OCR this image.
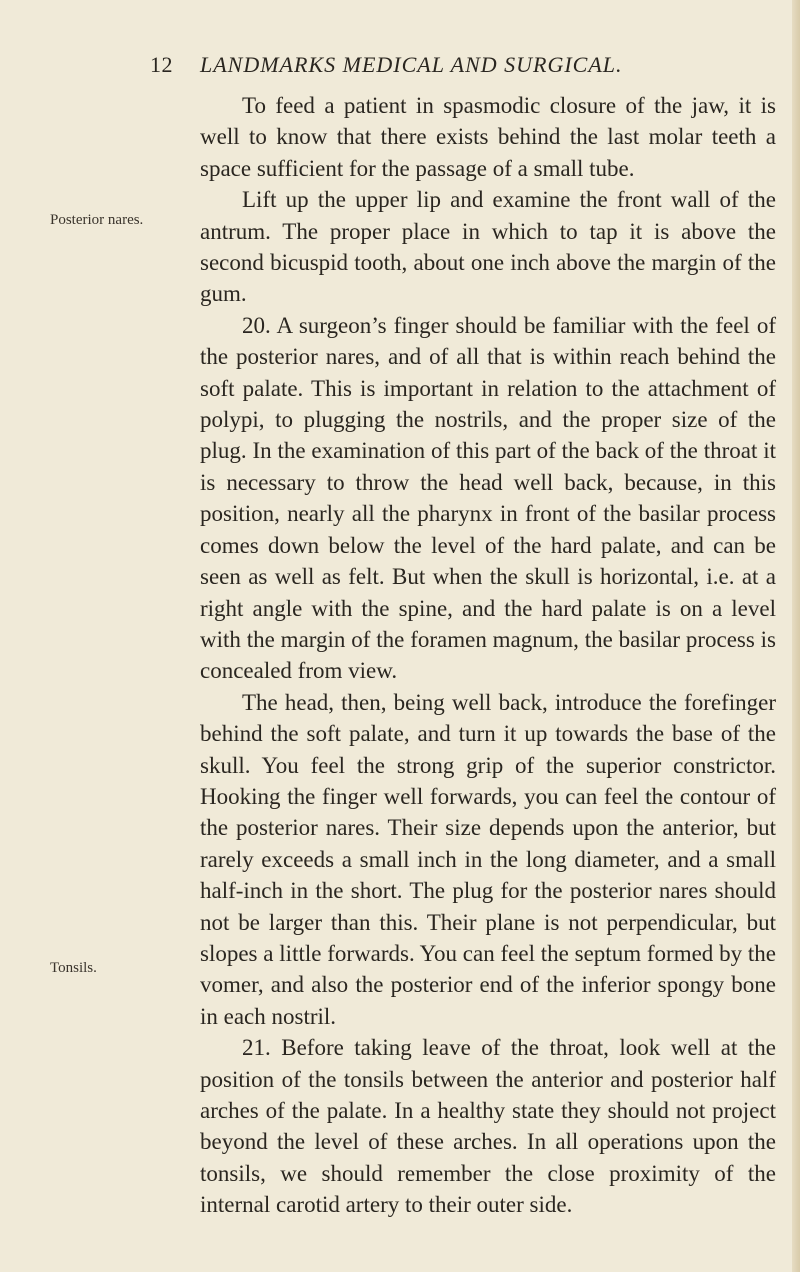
12 LANDMARKS MEDICAL AND SURGICAL.
Posterior nares.
Tonsils.

To feed a patient in spasmodic closure of the jaw, it is well to know that there exists behind the last molar teeth a space sufficient for the passage of a small tube.

Lift up the upper lip and examine the front wall of the antrum. The proper place in which to tap it is above the second bicuspid tooth, about one inch above the margin of the gum.

20. A surgeon’s finger should be familiar with the feel of the posterior nares, and of all that is within reach behind the soft palate. This is important in relation to the attachment of polypi, to plugging the nostrils, and the proper size of the plug. In the examination of this part of the back of the throat it is necessary to throw the head well back, because, in this position, nearly all the pharynx in front of the basilar process comes down below the level of the hard palate, and can be seen as well as felt. But when the skull is horizontal, i.e. at a right angle with the spine, and the hard palate is on a level with the margin of the foramen magnum, the basilar process is concealed from view.

The head, then, being well back, introduce the forefinger behind the soft palate, and turn it up towards the base of the skull. You feel the strong grip of the superior constrictor. Hooking the finger well forwards, you can feel the contour of the posterior nares. Their size depends upon the anterior, but rarely exceeds a small inch in the long diameter, and a small half-inch in the short. The plug for the posterior nares should not be larger than this. Their plane is not perpendicular, but slopes a little forwards. You can feel the septum formed by the vomer, and also the posterior end of the inferior spongy bone in each nostril.

21. Before taking leave of the throat, look well at the position of the tonsils between the anterior and posterior half arches of the palate. In a healthy state they should not project beyond the level of these arches. In all operations upon the tonsils, we should remember the close proximity of the internal carotid artery to their outer side.
